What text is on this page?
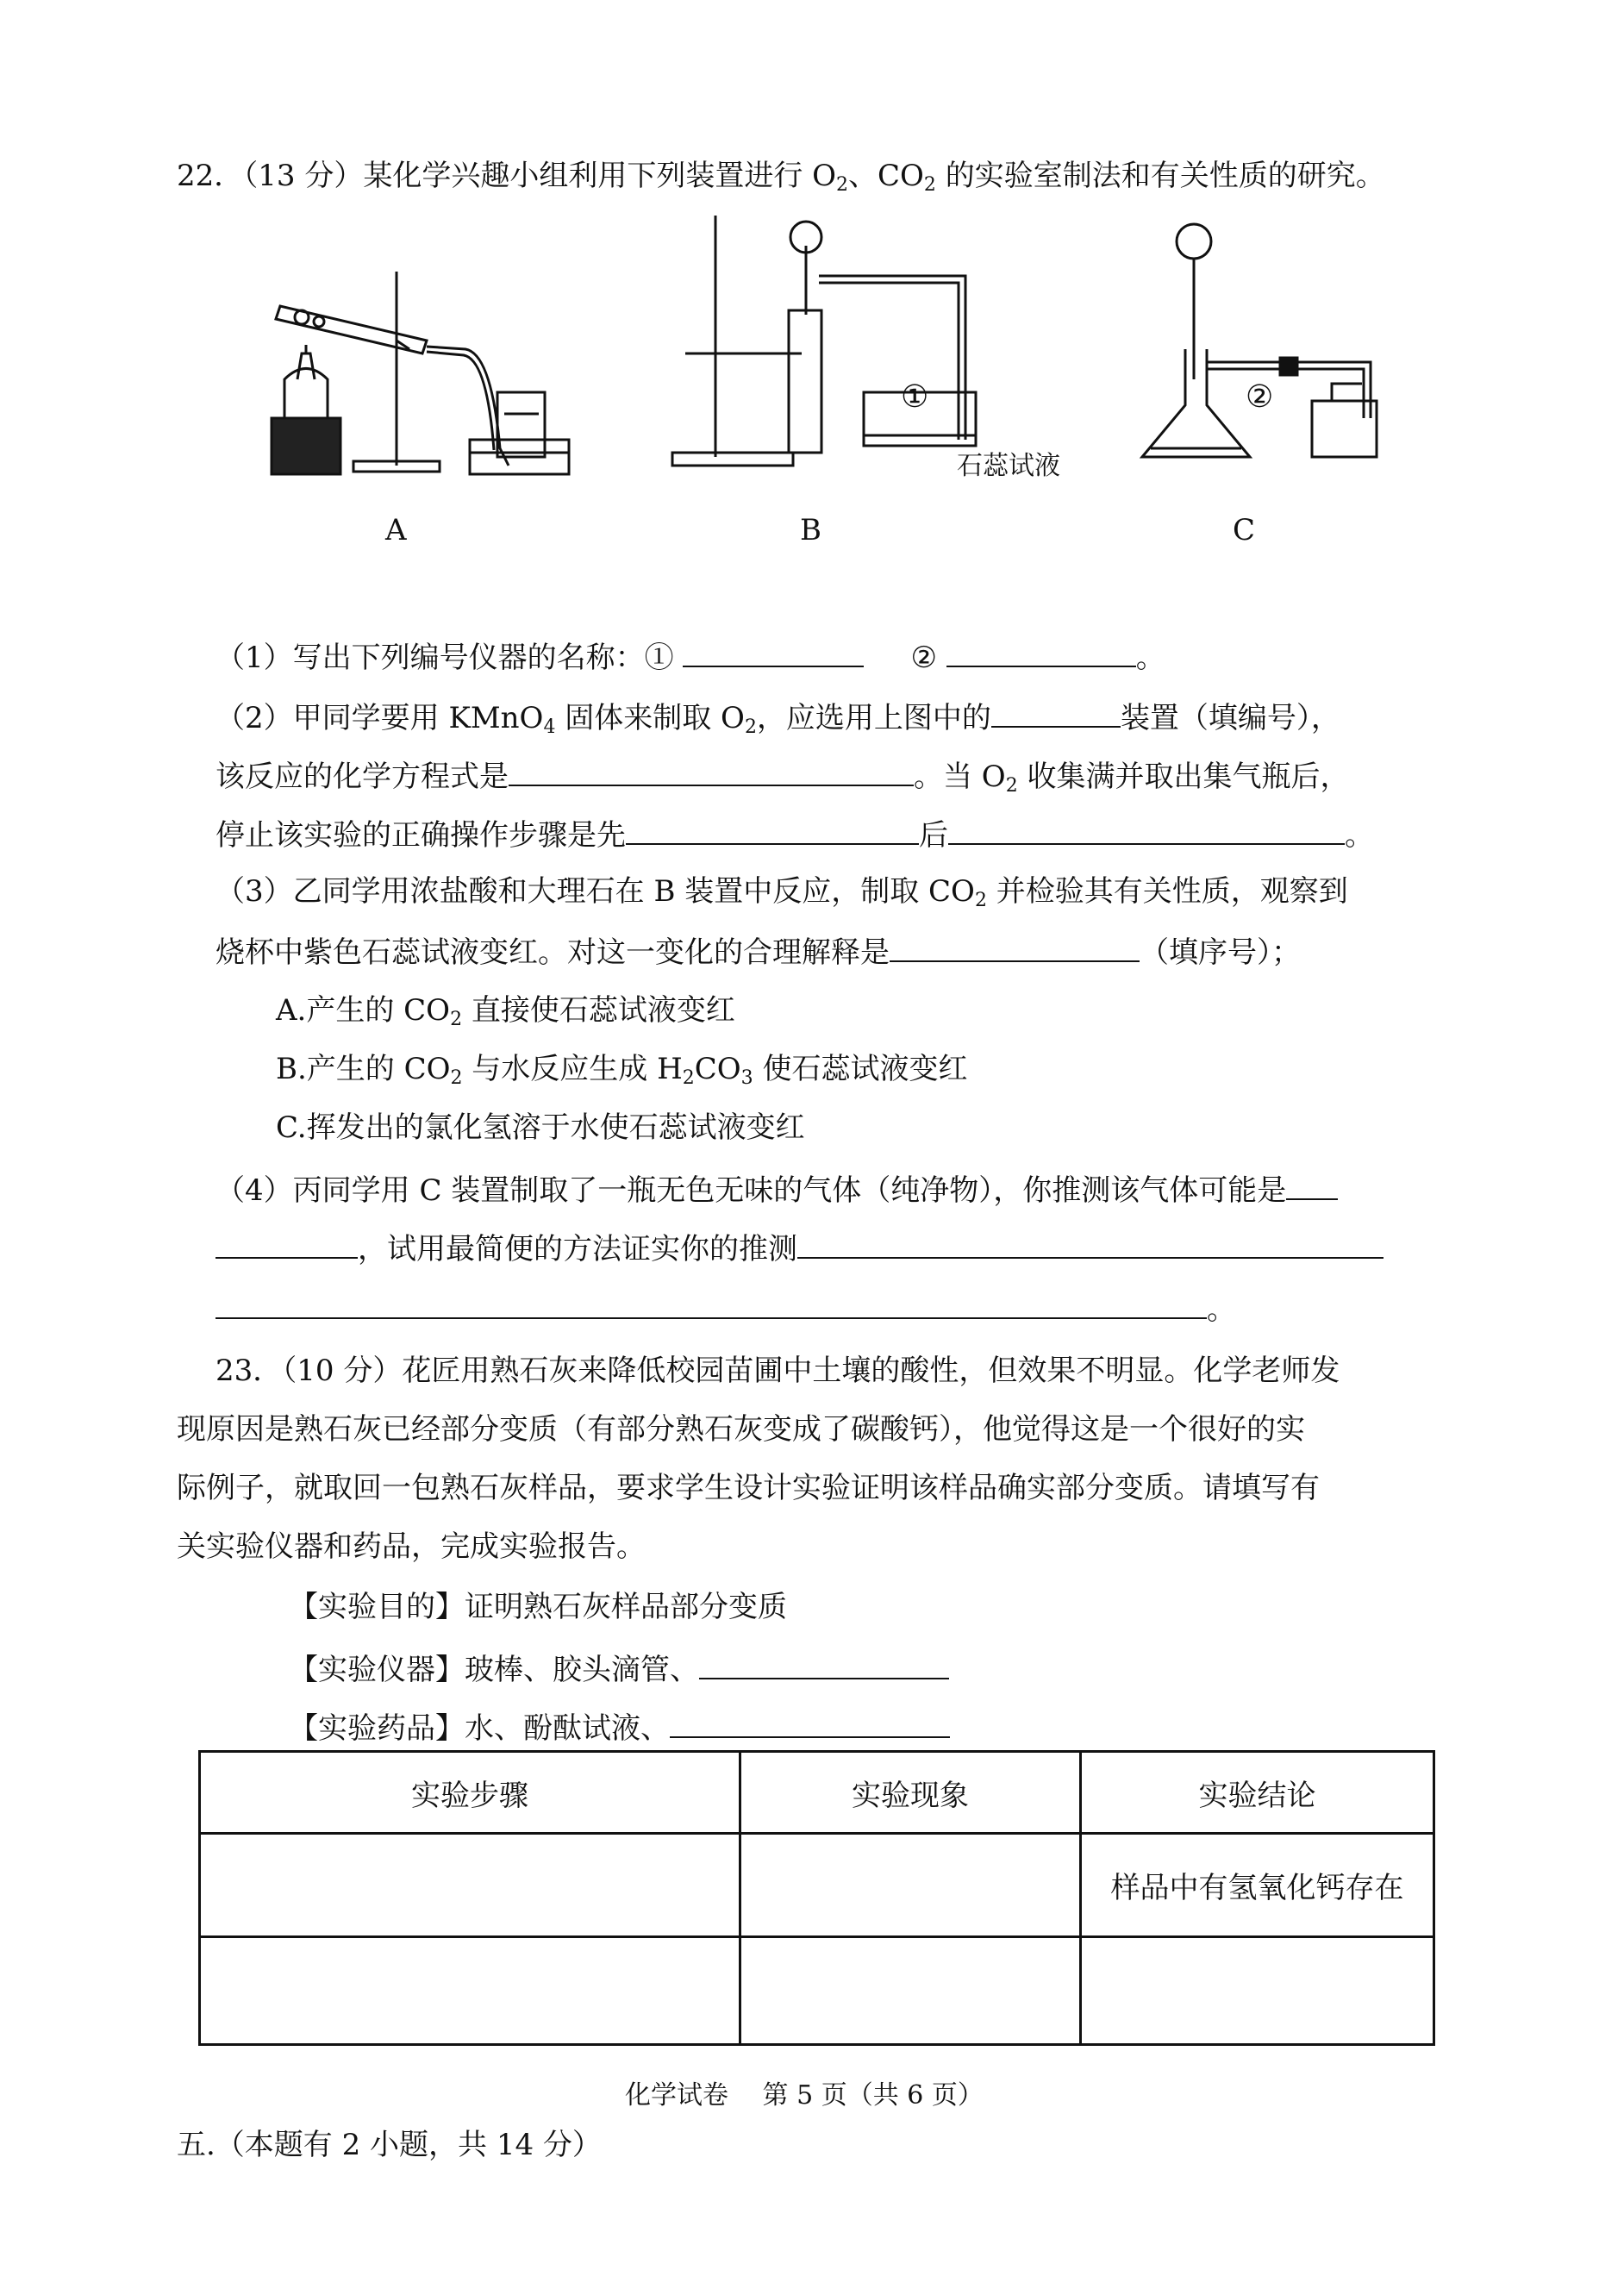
22．（13 分）某化学兴趣小组利用下列装置进行 $O_2$、$CO_2$ 的实验室制法和有关性质的研究。
①
石蕊试液
②
A	B	C
（1）写出下列编号仪器的名称：①	②	。
（2）甲同学要用 KMnO$_4$ 固体来制取 $O_2$，应选用上图中的	装置（填编号），
该反应的化学方程式是	。当 $O_2$ 收集满并取出集气瓶后，
停止该实验的正确操作步骤是先	后	。
（3）乙同学用浓盐酸和大理石在 B 装置中反应，制取 $CO_2$ 并检验其有关性质，观察到
烧杯中紫色石蕊试液变红。对这一变化的合理解释是	（填序号）；
A.产生的 $CO_2$ 直接使石蕊试液变红
B.产生的 $CO_2$ 与水反应生成 $H_2CO_3$ 使石蕊试液变红
C.挥发出的氯化氢溶于水使石蕊试液变红
（4）丙同学用 C 装置制取了一瓶无色无味的气体（纯净物），你推测该气体可能是
，试用最简便的方法证实你的推测
。
23．（10 分）花匠用熟石灰来降低校园苗圃中土壤的酸性，但效果不明显。化学老师发
现原因是熟石灰已经部分变质（有部分熟石灰变成了碳酸钙），他觉得这是一个很好的实
际例子，就取回一包熟石灰样品，要求学生设计实验证明该样品确实部分变质。请填写有
关实验仪器和药品，完成实验报告。
【实验目的】证明熟石灰样品部分变质
【实验仪器】玻棒、胶头滴管、
【实验药品】水、酚酞试液、
实验步骤	实验现象	实验结论
		样品中有氢氧化钙存在

化学试卷　 第 5 页（共 6 页）
五.（本题有 2 小题，共 14 分）
